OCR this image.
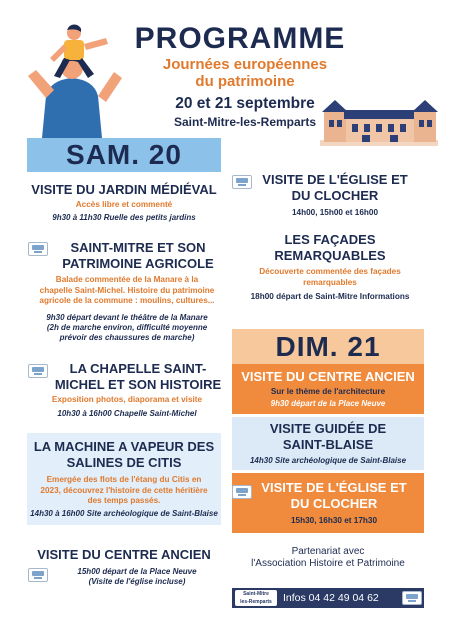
PROGRAMME
Journées européennes
du patrimoine
20 et 21 septembre
Saint-Mitre-les-Remparts
SAM. 20
VISITE DU JARDIN MÉDIÉVAL
Accès libre et commenté
9h30 à 11h30 Ruelle des petits jardins
SAINT-MITRE ET SON
PATRIMOINE AGRICOLE
Balade commentée de la Manare à la
chapelle Saint-Michel. Histoire du patrimoine
agricole de la commune : moulins, cultures...
9h30 départ devant le théâtre de la Manare
(2h de marche environ, difficulté moyenne
prévoir des chaussures de marche)
LA CHAPELLE SAINT-
MICHEL ET SON HISTOIRE
Exposition photos, diaporama et visite
10h30 à 16h00 Chapelle Saint-Michel
LA MACHINE A VAPEUR DES
SALINES DE CITIS
Emergée des flots de l'étang du Citis en
2023, découvrez l'histoire de cette héritière
des temps passés.
14h30 à 16h00 Site archéologique de Saint-Blaise
VISITE DU CENTRE ANCIEN
15h00 départ de la Place Neuve
(Visite de l'église incluse)
VISITE DE L'ÉGLISE ET
DU CLOCHER
14h00, 15h00 et 16h00
LES FAÇADES
REMARQUABLES
Découverte commentée des façades
remarquables
18h00 départ de Saint-Mitre Informations
DIM. 21
VISITE DU CENTRE ANCIEN
Sur le thème de l'architecture
9h30 départ de la Place Neuve
VISITE GUIDÉE DE
SAINT-BLAISE
14h30 Site archéologique de Saint-Blaise
VISITE DE L'ÉGLISE ET
DU CLOCHER
15h30, 16h30 et 17h30
Partenariat avec
l'Association Histoire et Patrimoine
Saint-Mitre
les-Remparts	Infos 04 42 49 04 62
